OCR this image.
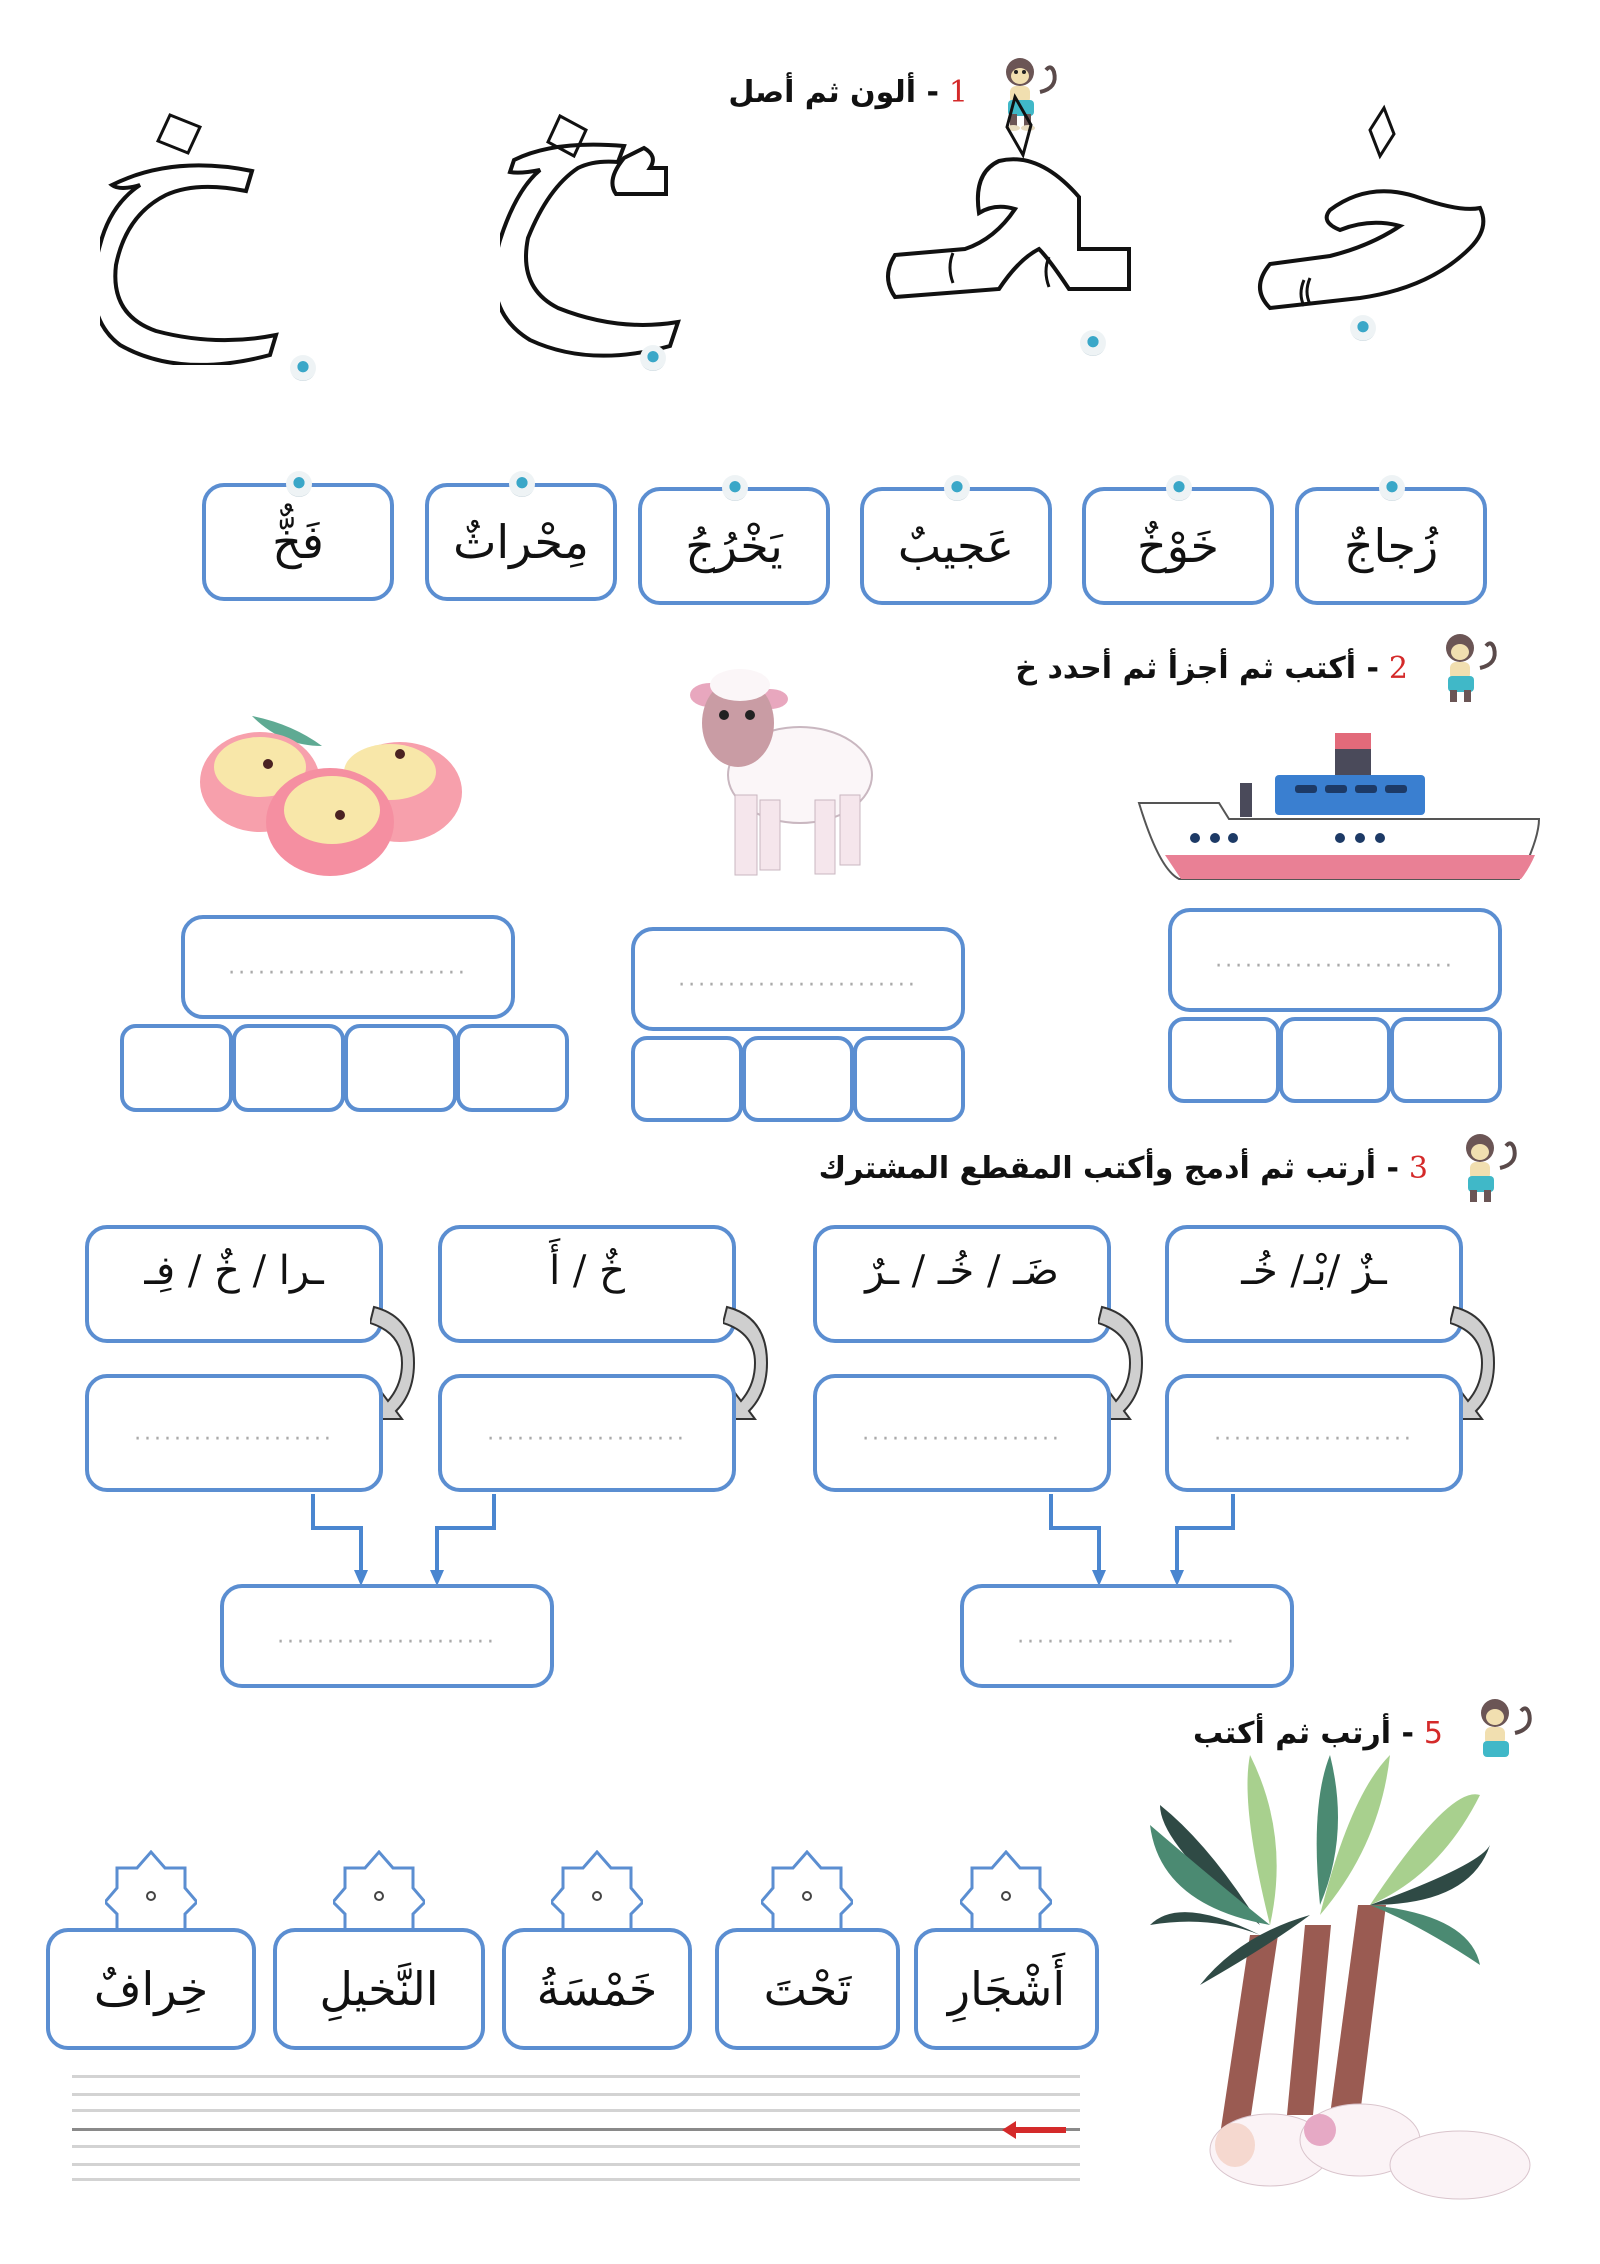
1
- ألون ثم أصل
زُجاجٌ
خَوْخٌ
عَجيبٌ
يَخْرُجُ
مِحْراثٌ
فَخٌّ
2
- أكتب ثم أجزأ ثم أحدد خ
........................
........................
........................
3
- أرتب ثم أدمج وأكتب المقطع المشترك
ـزٌ /بْـ/ خُـ
ضَـ / خُـ / ـرٌ
خٌ / أَ
ـرا / خٌ / فِـ
....................
....................
....................
....................
......................	......................
5
- أرتب ثم أكتب
أَشْجَارِ
تَحْتَ
خَمْسَةُ
النَّخيلِ
خِرافٌ
